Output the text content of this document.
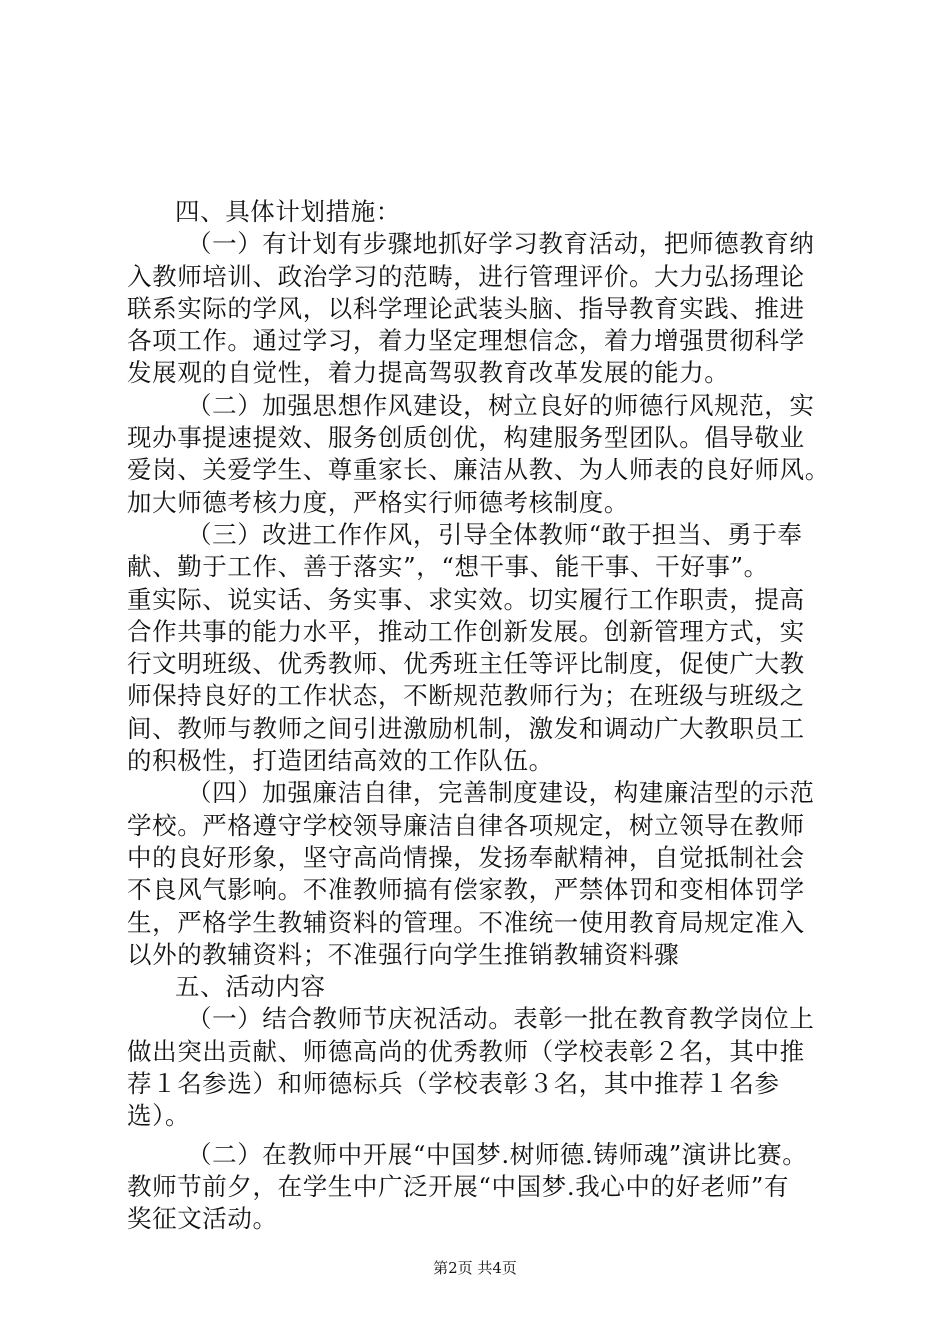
四、具体计划措施：
（一）有计划有步骤地抓好学习教育活动，把师德教育纳
入教师培训、政治学习的范畴，进行管理评价。大力弘扬理论
联系实际的学风，以科学理论武装头脑、指导教育实践、推进
各项工作。通过学习，着力坚定理想信念，着力增强贯彻科学
发展观的自觉性，着力提高驾驭教育改革发展的能力。
（二）加强思想作风建设，树立良好的师德行风规范，实
现办事提速提效、服务创质创优，构建服务型团队。倡导敬业
爱岗、关爱学生、尊重家长、廉洁从教、为人师表的良好师风。
加大师德考核力度，严格实行师德考核制度。
（三）改进工作作风，引导全体教师“敢于担当、勇于奉
献、勤于工作、善于落实”，“想干事、能干事、干好事”。
重实际、说实话、务实事、求实效。切实履行工作职责，提高
合作共事的能力水平，推动工作创新发展。创新管理方式，实
行文明班级、优秀教师、优秀班主任等评比制度，促使广大教
师保持良好的工作状态，不断规范教师行为；在班级与班级之
间、教师与教师之间引进激励机制，激发和调动广大教职员工
的积极性，打造团结高效的工作队伍。
（四）加强廉洁自律，完善制度建设，构建廉洁型的示范
学校。严格遵守学校领导廉洁自律各项规定，树立领导在教师
中的良好形象，坚守高尚情操，发扬奉献精神，自觉抵制社会
不良风气影响。不准教师搞有偿家教，严禁体罚和变相体罚学
生，严格学生教辅资料的管理。不准统一使用教育局规定准入
以外的教辅资料；不准强行向学生推销教辅资料骤
五、活动内容
（一）结合教师节庆祝活动。表彰一批在教育教学岗位上
做出突出贡献、师德高尚的优秀教师（学校表彰２名，其中推
荐１名参选）和师德标兵（学校表彰３名，其中推荐１名参
选）。
（二）在教师中开展“中国梦.树师德.铸师魂”演讲比赛。
教师节前夕，在学生中广泛开展“中国梦.我心中的好老师”有
奖征文活动。
第2页 共4页
